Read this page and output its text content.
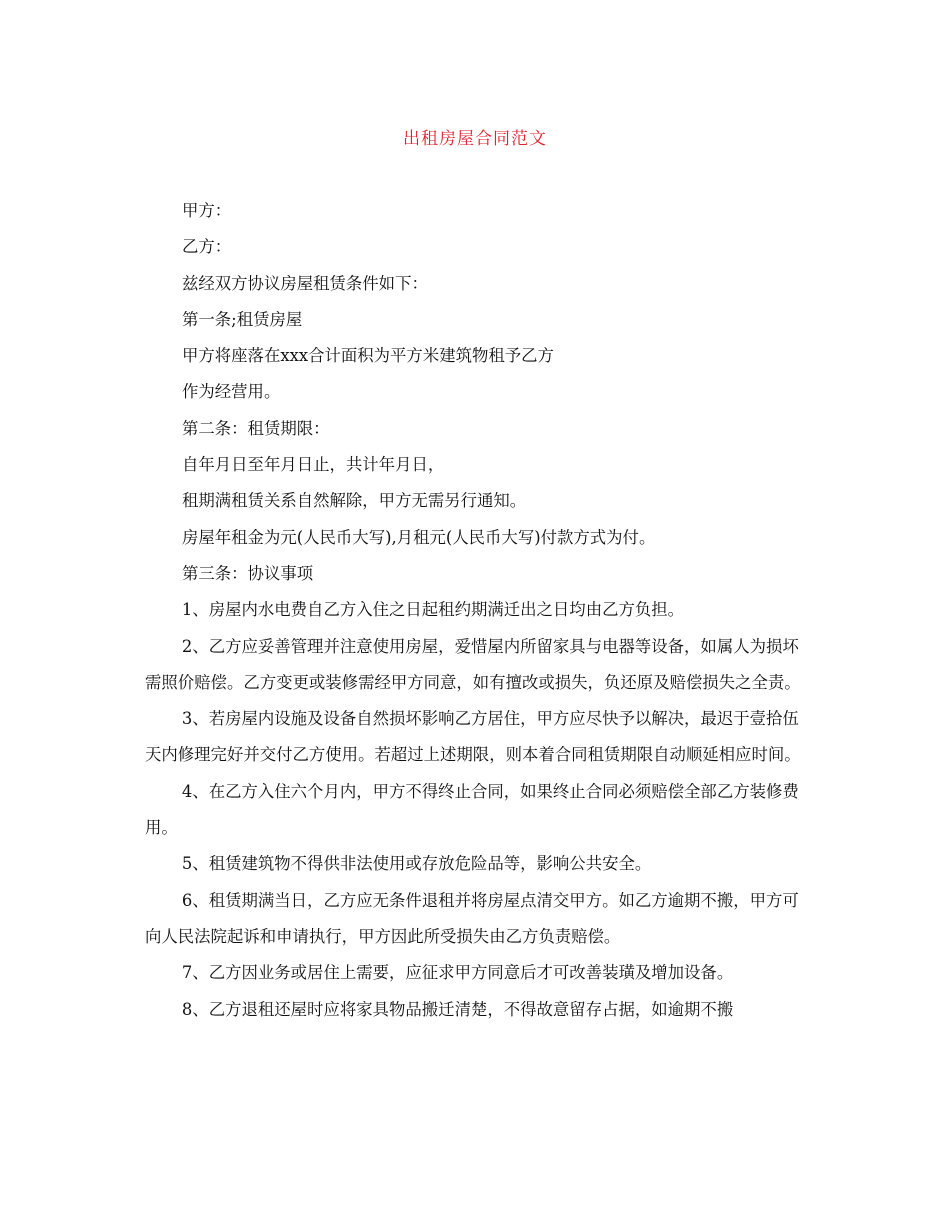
出租房屋合同范文

甲方：

乙方：

兹经双方协议房屋租赁条件如下：

第一条;租赁房屋

甲方将座落在xxx合计面积为平方米建筑物租予乙方

作为经营用。

第二条：租赁期限：

自年月日至年月日止，共计年月日，

租期满租赁关系自然解除，甲方无需另行通知。

房屋年租金为元(人民币大写),月租元(人民币大写)付款方式为付。

第三条：协议事项

1、房屋内水电费自乙方入住之日起租约期满迁出之日均由乙方负担。

2、乙方应妥善管理并注意使用房屋，爱惜屋内所留家具与电器等设备，如属人为损坏需照价赔偿。乙方变更或装修需经甲方同意，如有擅改或损失，负还原及赔偿损失之全责。

3、若房屋内设施及设备自然损坏影响乙方居住，甲方应尽快予以解决，最迟于壹拾伍天内修理完好并交付乙方使用。若超过上述期限，则本着合同租赁期限自动顺延相应时间。

4、在乙方入住六个月内，甲方不得终止合同，如果终止合同必须赔偿全部乙方装修费用。

5、租赁建筑物不得供非法使用或存放危险品等，影响公共安全。

6、租赁期满当日，乙方应无条件退租并将房屋点清交甲方。如乙方逾期不搬，甲方可向人民法院起诉和申请执行，甲方因此所受损失由乙方负责赔偿。

7、乙方因业务或居住上需要，应征求甲方同意后才可改善装璜及增加设备。

8、乙方退租还屋时应将家具物品搬迁清楚，不得故意留存占据，如逾期不搬
